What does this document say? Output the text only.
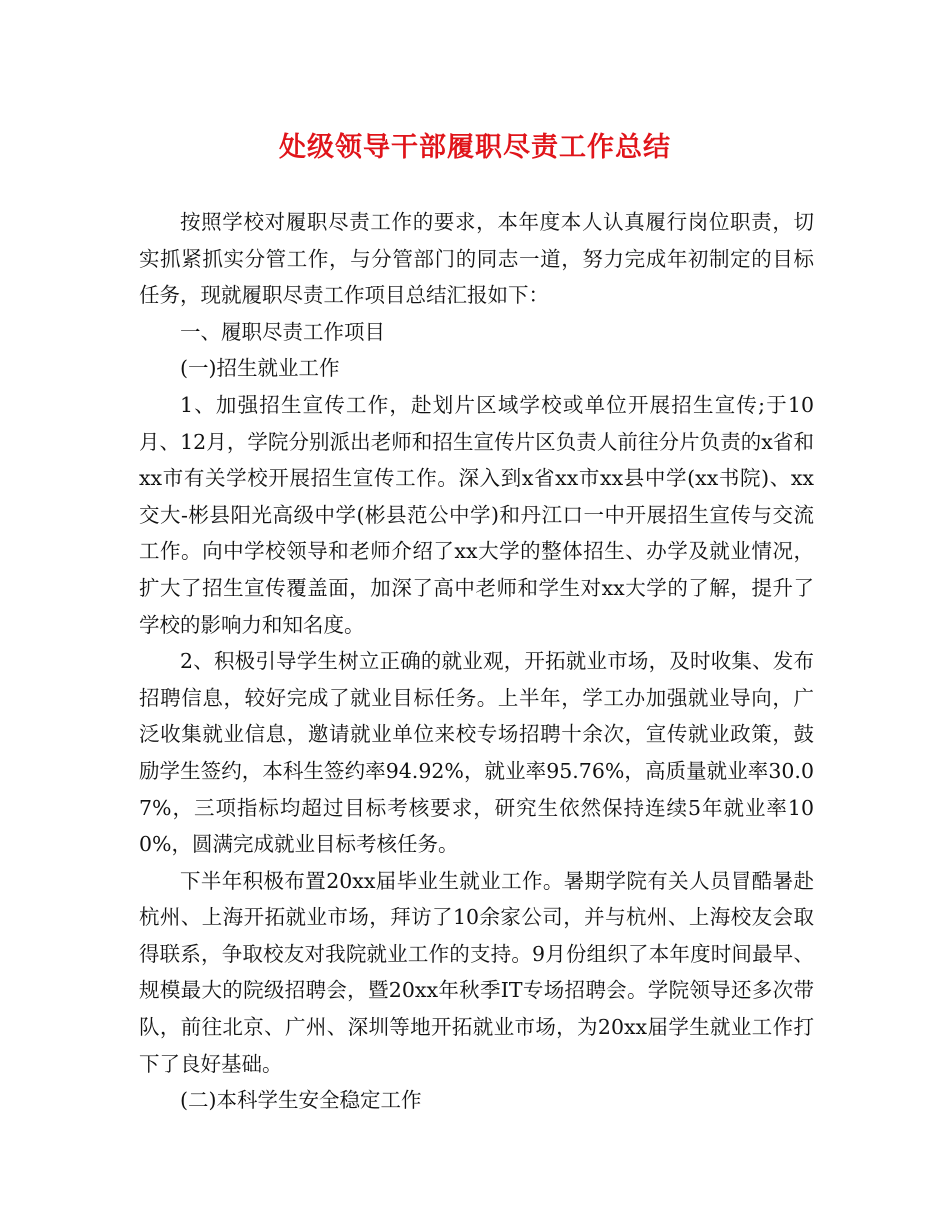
处级领导干部履职尽责工作总结

按照学校对履职尽责工作的要求，本年度本人认真履行岗位职责，切实抓紧抓实分管工作，与分管部门的同志一道，努力完成年初制定的目标任务，现就履职尽责工作项目总结汇报如下：

一、履职尽责工作项目

(一)招生就业工作

1、加强招生宣传工作，赴划片区域学校或单位开展招生宣传;于10月、12月，学院分别派出老师和招生宣传片区负责人前往分片负责的x省和xx市有关学校开展招生宣传工作。深入到x省xx市xx县中学(xx书院)、xx交大-彬县阳光高级中学(彬县范公中学)和丹江口一中开展招生宣传与交流工作。向中学校领导和老师介绍了xx大学的整体招生、办学及就业情况，扩大了招生宣传覆盖面，加深了高中老师和学生对xx大学的了解，提升了学校的影响力和知名度。

2、积极引导学生树立正确的就业观，开拓就业市场，及时收集、发布招聘信息，较好完成了就业目标任务。上半年，学工办加强就业导向，广泛收集就业信息，邀请就业单位来校专场招聘十余次，宣传就业政策，鼓励学生签约，本科生签约率94.92%，就业率95.76%，高质量就业率30.07%，三项指标均超过目标考核要求，研究生依然保持连续5年就业率100%，圆满完成就业目标考核任务。

下半年积极布置20xx届毕业生就业工作。暑期学院有关人员冒酷暑赴杭州、上海开拓就业市场，拜访了10余家公司，并与杭州、上海校友会取得联系，争取校友对我院就业工作的支持。9月份组织了本年度时间最早、规模最大的院级招聘会，暨20xx年秋季IT专场招聘会。学院领导还多次带队，前往北京、广州、深圳等地开拓就业市场，为20xx届学生就业工作打下了良好基础。

(二)本科学生安全稳定工作
